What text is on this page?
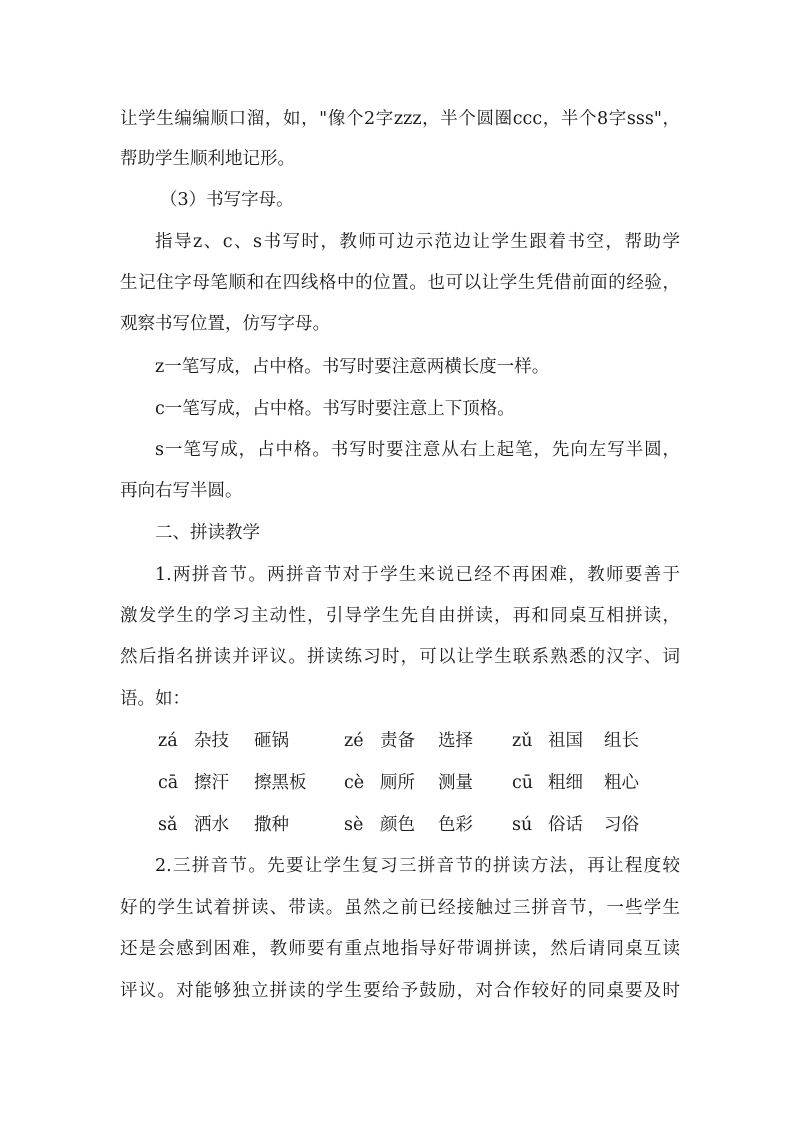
让学生编编顺口溜，如，"像个2字zzz，半个圆圈ccc，半个8字sss"，
帮助学生顺利地记形。
（3）书写字母。
指导z、c、s书写时，教师可边示范边让学生跟着书空，帮助学
生记住字母笔顺和在四线格中的位置。也可以让学生凭借前面的经验，
观察书写位置，仿写字母。
z一笔写成，占中格。书写时要注意两横长度一样。
c一笔写成，占中格。书写时要注意上下顶格。
s一笔写成，占中格。书写时要注意从右上起笔，先向左写半圆，
再向右写半圆。
二、拼读教学
1.两拼音节。两拼音节对于学生来说已经不再困难，教师要善于
激发学生的学习主动性，引导学生先自由拼读，再和同桌互相拼读，
然后指名拼读并评议。拼读练习时，可以让学生联系熟悉的汉字、词
语。如：
zá 杂技 砸锅	zé 责备 选择 zǔ 祖国 组长
cā 擦汗 擦黑板 cè 厕所 测量 cū 粗细 粗心
sǎ 洒水 撒种	sè 颜色 色彩 sú 俗话 习俗
2.三拼音节。先要让学生复习三拼音节的拼读方法，再让程度较
好的学生试着拼读、带读。虽然之前已经接触过三拼音节，一些学生
还是会感到困难，教师要有重点地指导好带调拼读，然后请同桌互读
评议。对能够独立拼读的学生要给予鼓励，对合作较好的同桌要及时
